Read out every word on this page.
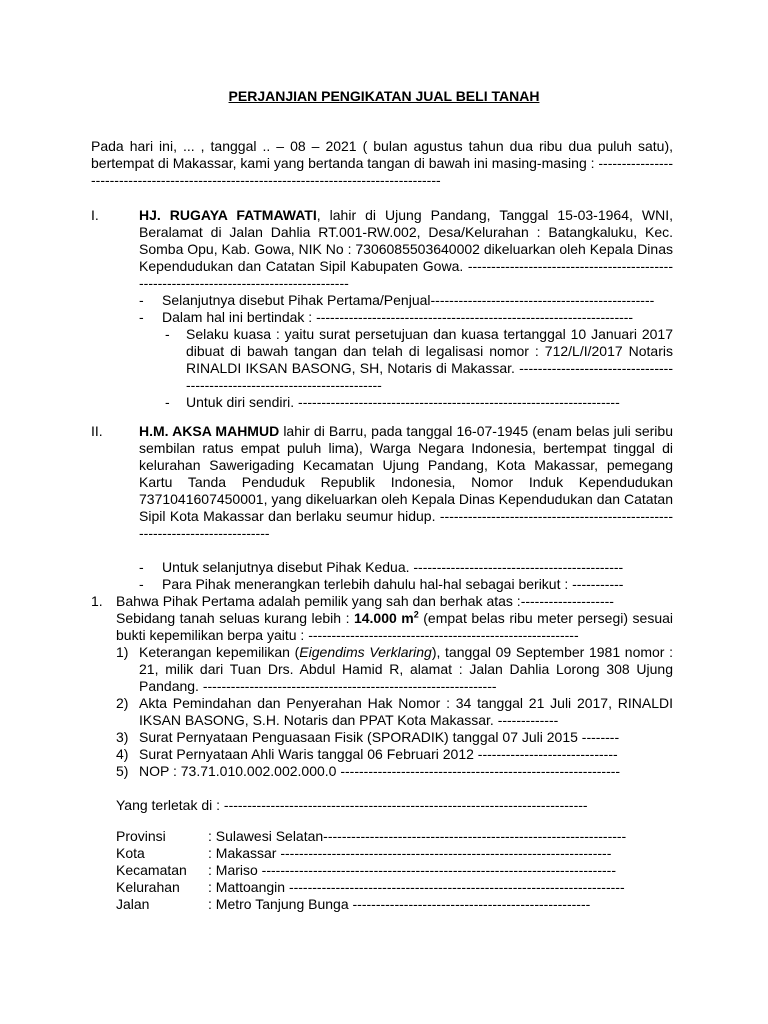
PERJANJIAN PENGIKATAN JUAL BELI TANAH

Pada hari ini, ... , tanggal .. – 08 – 2021 ( bulan agustus tahun dua ribu dua puluh satu), bertempat di Makassar, kami yang bertanda tangan di bawah ini masing-masing : -------------------------------------------------------------------------------------------

I.	HJ. RUGAYA FATMAWATI, lahir di Ujung Pandang, Tanggal 15-03-1964, WNI, Beralamat di Jalan Dahlia RT.001-RW.002, Desa/Kelurahan : Batangkaluku, Kec. Somba Opu, Kab. Gowa, NIK No : 7306085503640002 dikeluarkan oleh Kepala Dinas Kependudukan dan Catatan Sipil Kabupaten Gowa. -----------------------------------------------------------------------------------------

- Selanjutnya disebut Pihak Pertama/Penjual------------------------------------------------
- Dalam hal ini bertindak : --------------------------------------------------------------------
- Selaku kuasa : yaitu surat persetujuan dan kuasa tertanggal 10 Januari 2017 dibuat di bawah tangan dan telah di legalisasi nomor : 712/L/I/2017 Notaris RINALDI IKSAN BASONG, SH, Notaris di Makassar. ---------------------------------------------------------------------------

- Untuk diri sendiri. ---------------------------------------------------------------------
II.	H.M. AKSA MAHMUD lahir di Barru, pada tanggal 16-07-1945 (enam belas juli seribu sembilan ratus empat puluh lima), Warga Negara Indonesia, bertempat tinggal di kelurahan Sawerigading Kecamatan Ujung Pandang, Kota Makassar, pemegang Kartu Tanda Penduduk Republik Indonesia, Nomor Induk Kependudukan 7371041607450001, yang dikeluarkan oleh Kepala Dinas Kependudukan dan Catatan Sipil Kota Makassar dan berlaku seumur hidup. ------------------------------------------------------------------------------

- Untuk selanjutnya disebut Pihak Kedua. ---------------------------------------------
- Para Pihak menerangkan terlebih dahulu hal-hal sebagai berikut : -----------
1. Bahwa Pihak Pertama adalah pemilik yang sah dan berhak atas :--------------------

Sebidang tanah seluas kurang lebih : 14.000 $m^2$ (empat belas ribu meter persegi) sesuai bukti kepemilikan berpa yaitu : ----------------------------------------------------------

1) Keterangan kepemilikan (Eigendims Verklaring), tanggal 09 September 1981 nomor : 21, milik dari Tuan Drs. Abdul Hamid R, alamat : Jalan Dahlia Lorong 308 Ujung Pandang. ---------------------------------------------------------------

2) Akta Pemindahan dan Penyerahan Hak Nomor : 34 tanggal 21 Juli 2017, RINALDI IKSAN BASONG, S.H. Notaris dan PPAT Kota Makassar. -------------

3) Surat Pernyataan Penguasaan Fisik (SPORADIK) tanggal 07 Juli 2015 --------
4) Surat Pernyataan Ahli Waris tanggal 06 Februari 2012 ------------------------------
5) NOP : 73.71.010.002.002.000.0 ------------------------------------------------------------
Yang terletak di : ------------------------------------------------------------------------------
Provinsi	: Sulawesi Selatan-----------------------------------------------------------------
Kota	: Makassar -----------------------------------------------------------------------
Kecamatan : Mariso ----------------------------------------------------------------------------
Kelurahan : Mattoangin ------------------------------------------------------------------------
Jalan	: Metro Tanjung Bunga ---------------------------------------------------
